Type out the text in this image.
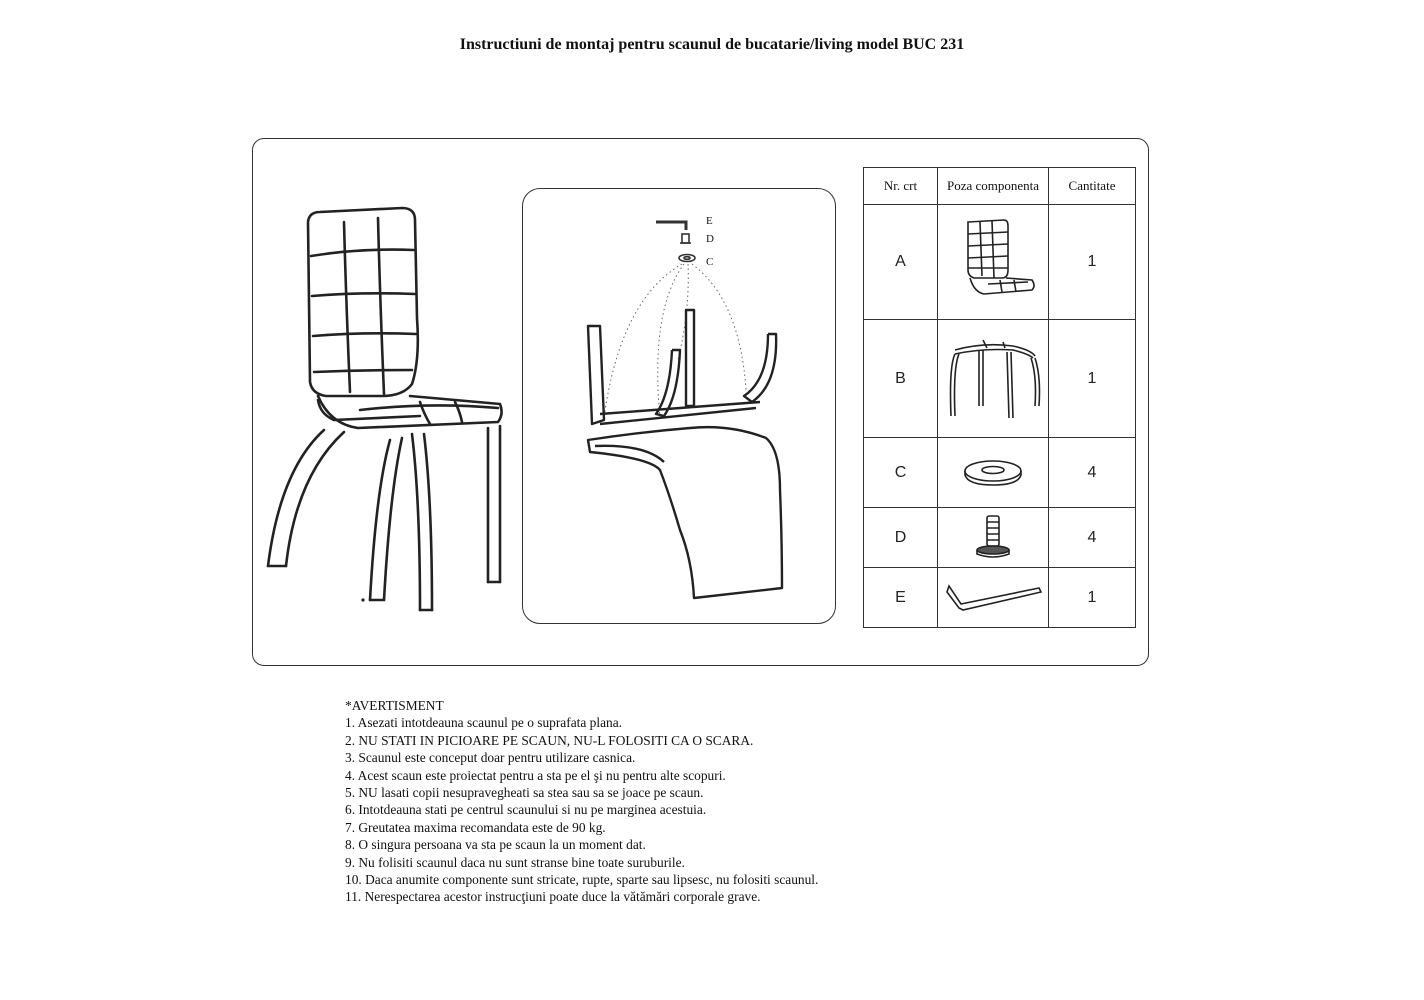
Instructiuni de montaj pentru scaunul de bucatarie/living model BUC 231
E
D
C
Nr. crt	Poza componenta	Cantitate
A		1
B		1
C		4
D		4
E		1
*AVERTISMENT
1. Asezati intotdeauna scaunul pe o suprafata plana.
2. NU STATI IN PICIOARE PE SCAUN, NU-L FOLOSITI CA O SCARA.
3. Scaunul este conceput doar pentru utilizare casnica.
4. Acest scaun este proiectat pentru a sta pe el şi nu pentru alte scopuri.
5. NU lasati copii nesupravegheati sa stea sau sa se joace pe scaun.
6. Intotdeauna stati pe centrul scaunului si nu pe marginea acestuia.
7. Greutatea maxima recomandata este de 90 kg.
8. O singura persoana va sta pe scaun la un moment dat.
9. Nu folisiti scaunul daca nu sunt stranse bine toate suruburile.
10. Daca anumite componente sunt stricate, rupte, sparte sau lipsesc, nu folositi scaunul.
11. Nerespectarea acestor instrucţiuni poate duce la vătămări corporale grave.
